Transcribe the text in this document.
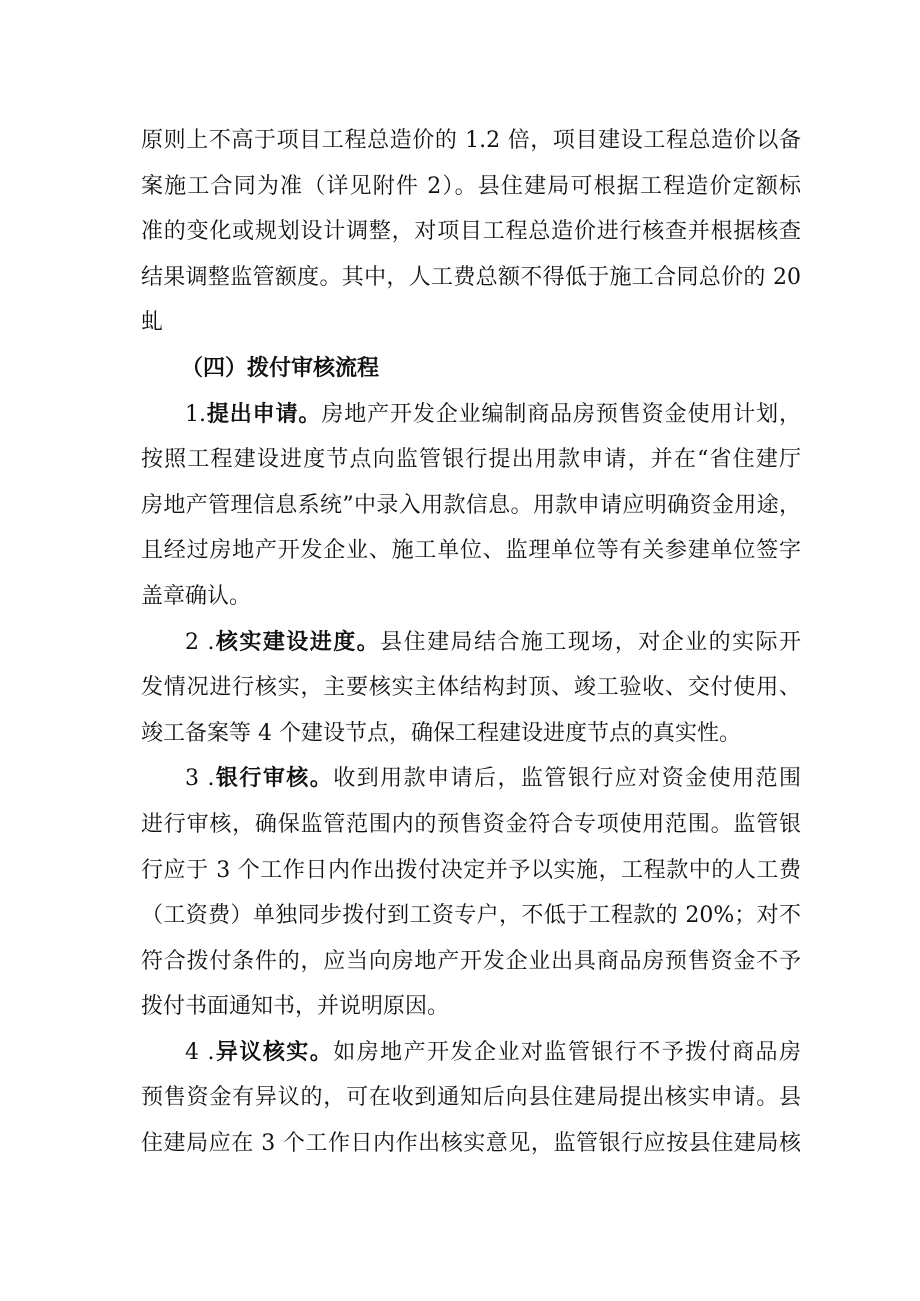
原则上不高于项目工程总造价的 1.2 倍，项目建设工程总造价以备
案施工合同为准（详见附件 2）。县住建局可根据工程造价定额标
准的变化或规划设计调整，对项目工程总造价进行核查并根据核查
结果调整监管额度。其中，人工费总额不得低于施工合同总价的 20
虬
（四）拨付审核流程
1.提出申请。房地产开发企业编制商品房预售资金使用计划，
按照工程建设进度节点向监管银行提出用款申请，并在“省住建厅
房地产管理信息系统”中录入用款信息。用款申请应明确资金用途，
且经过房地产开发企业、施工单位、监理单位等有关参建单位签字
盖章确认。
2 .核实建设进度。县住建局结合施工现场，对企业的实际开
发情况进行核实，主要核实主体结构封顶、竣工验收、交付使用、
竣工备案等 4 个建设节点，确保工程建设进度节点的真实性。
3 .银行审核。收到用款申请后，监管银行应对资金使用范围
进行审核，确保监管范围内的预售资金符合专项使用范围。监管银
行应于 3 个工作日内作出拨付决定并予以实施，工程款中的人工费
（工资费）单独同步拨付到工资专户，不低于工程款的 20%；对不
符合拨付条件的，应当向房地产开发企业出具商品房预售资金不予
拨付书面通知书，并说明原因。
4 .异议核实。如房地产开发企业对监管银行不予拨付商品房
预售资金有异议的，可在收到通知后向县住建局提出核实申请。县
住建局应在 3 个工作日内作出核实意见，监管银行应按县住建局核
